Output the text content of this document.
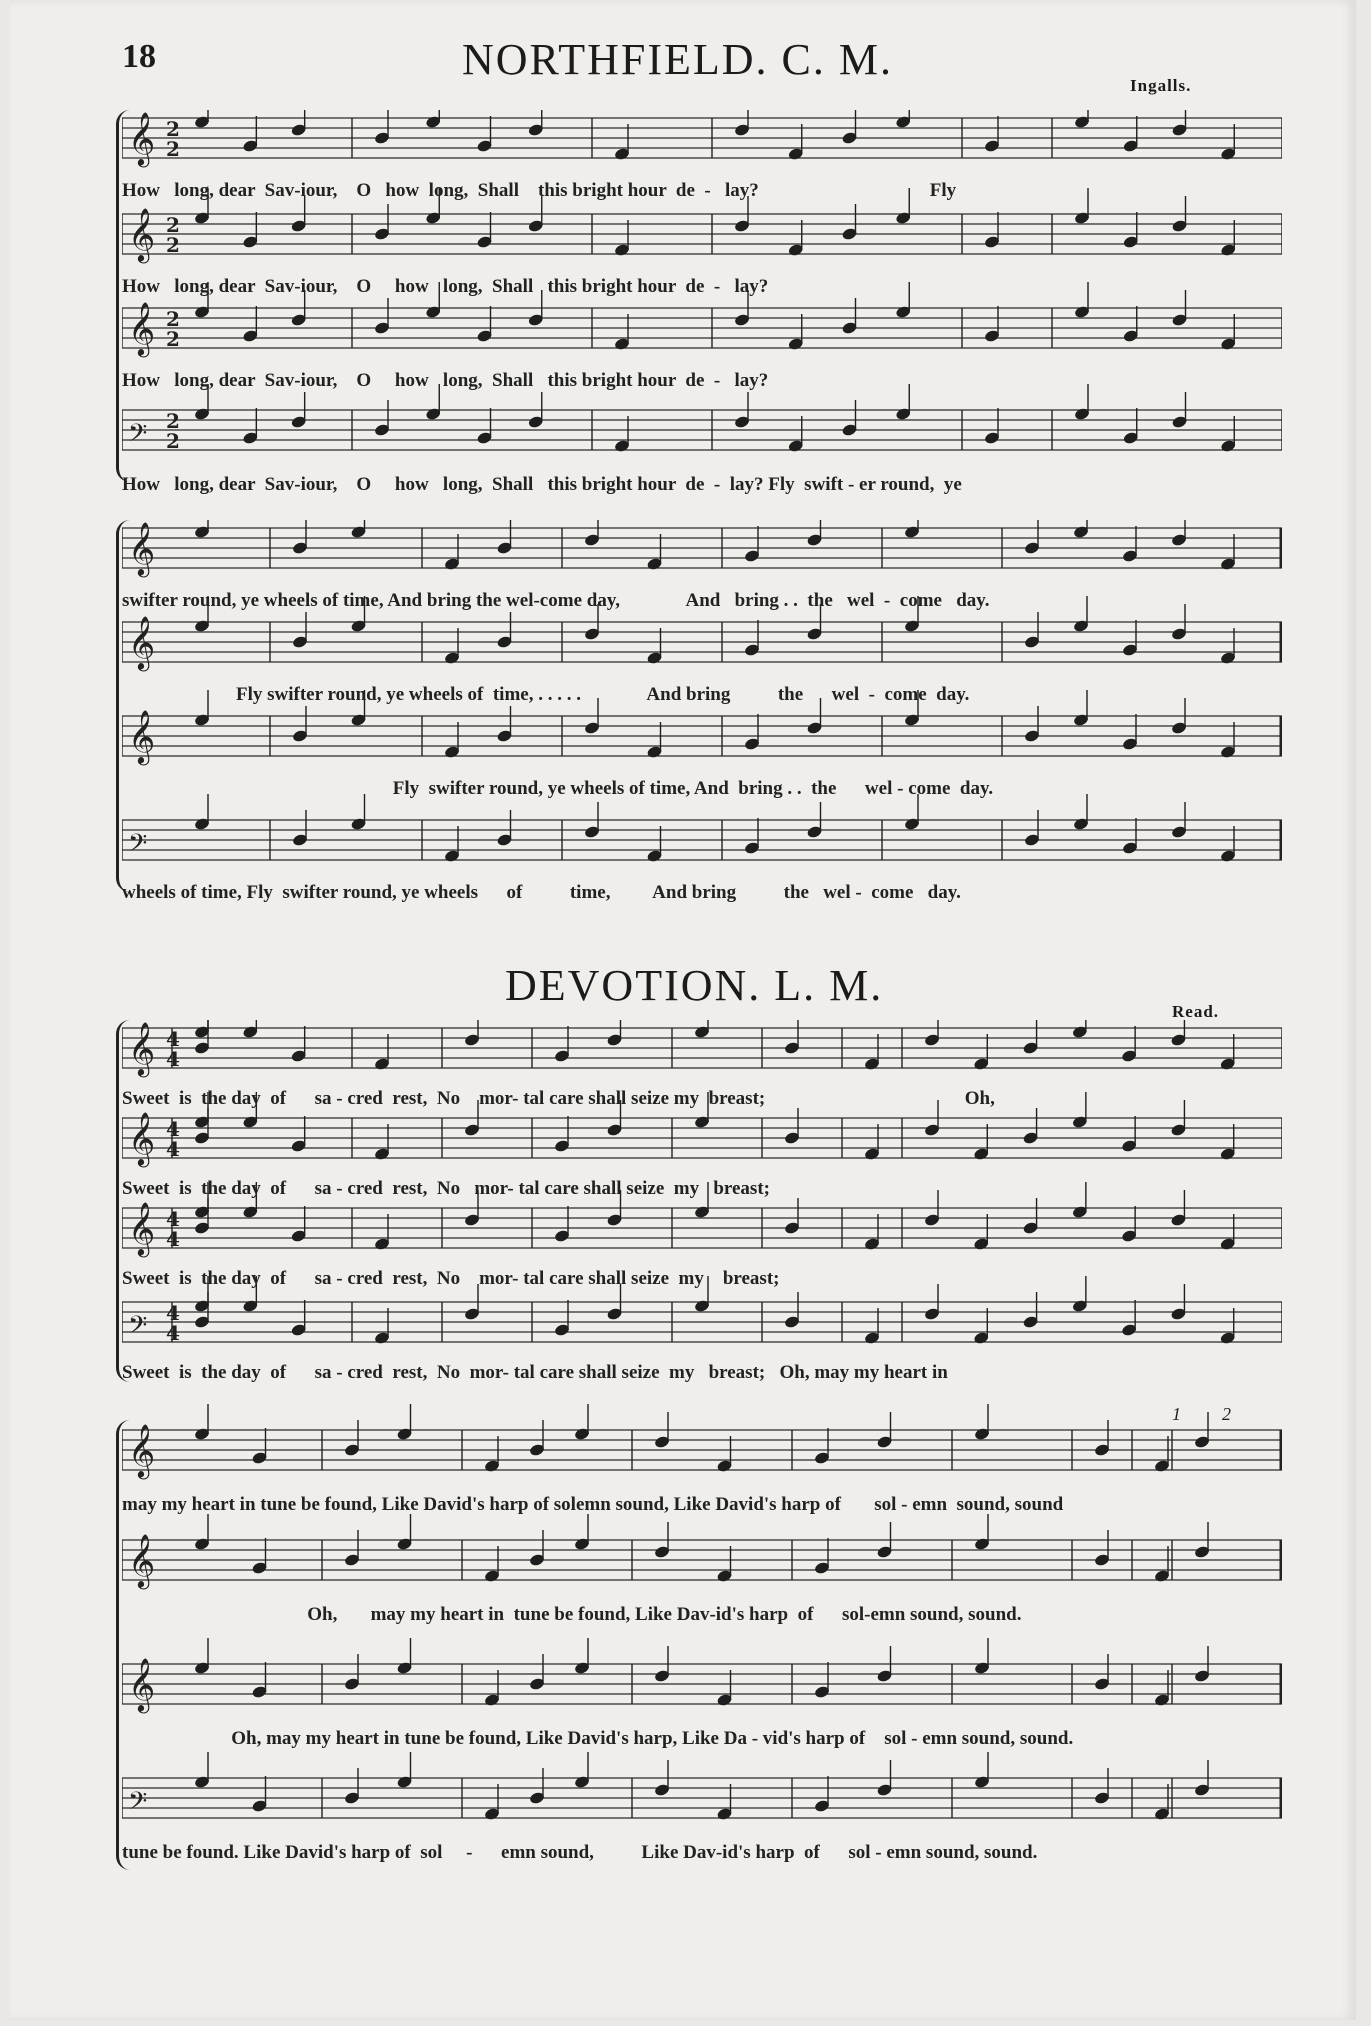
18	NORTHFIELD. C. M.
Ingalls.
𝄞 2
2
𝄞 2
2
𝄞 2
2
𝄢 2
2
How   long, dear  Sav-iour,    O   how  long,  Shall    this bright hour  de  -   lay?                                    Fly
How   long, dear  Sav-iour,    O     how   long,  Shall   this bright hour  de  -   lay?
How   long, dear  Sav-iour,    O     how   long,  Shall   this bright hour  de  -   lay?
How   long, dear  Sav-iour,    O     how   long,  Shall   this bright hour  de  -  lay? Fly  swift - er round,  ye
𝄞
𝄞
𝄞
𝄢
swifter round, ye wheels of time, And bring the wel-come day,              And   bring . .  the   wel  -  come   day.
Fly swifter round, ye wheels of  time, . . . . .              And bring          the      wel  -  come  day.
Fly  swifter round, ye wheels of time, And  bring . .  the      wel - come  day.
wheels of time, Fly  swifter round, ye wheels      of          time,         And bring          the   wel -  come   day.
DEVOTION. L. M.
Read.
𝄞 4
4
𝄞 4
4
𝄞 4
4
𝄢 4
4
Sweet  is  the day  of      sa - cred  rest,  No    mor- tal care shall seize my  breast;                                          Oh,
Sweet  is  the day  of      sa - cred  rest,  No   mor- tal care shall seize  my   breast;
Sweet  is  the day  of      sa - cred  rest,  No    mor- tal care shall seize  my    breast;
Sweet  is  the day  of      sa - cred  rest,  No  mor- tal care shall seize  my   breast;   Oh, may my heart in
𝄞
𝄞
𝄞
𝄢
1 2
may my heart in tune be found, Like David's harp of solemn sound, Like David's harp of       sol - emn  sound, sound
Oh,       may my heart in  tune be found, Like Dav-id's harp  of      sol-emn sound, sound.
Oh, may my heart in tune be found, Like David's harp, Like Da - vid's harp of    sol - emn sound, sound.
tune be found. Like David's harp of  sol     -      emn sound,          Like Dav-id's harp  of      sol - emn sound, sound.
